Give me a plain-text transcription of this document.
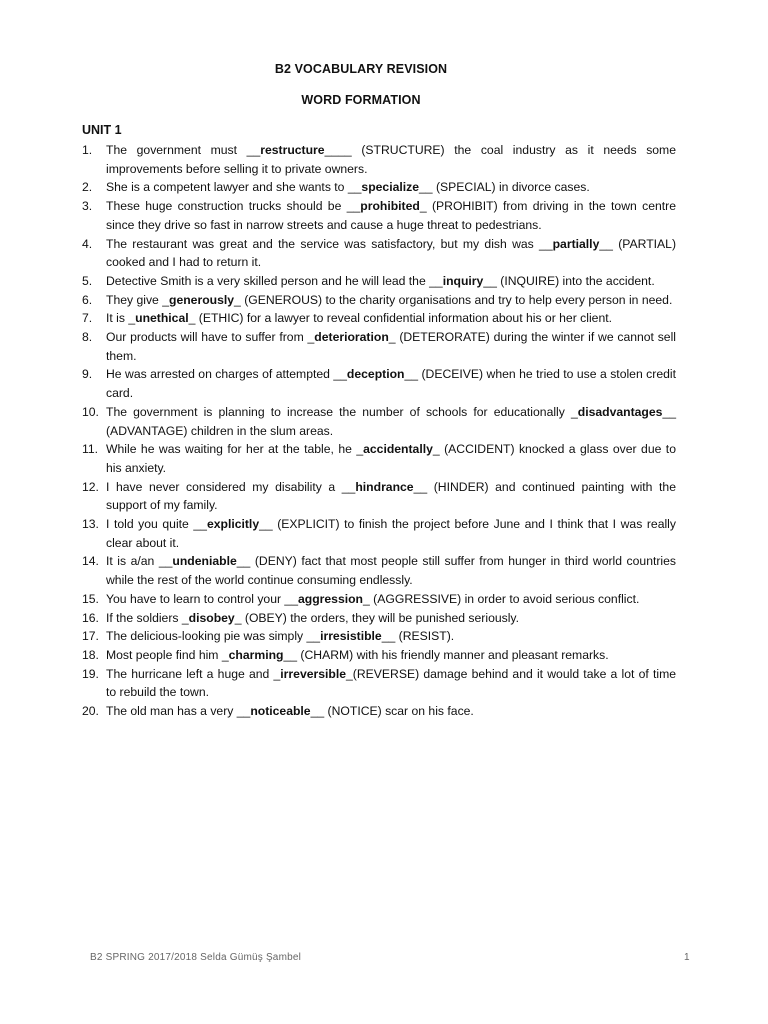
B2 VOCABULARY REVISION
WORD FORMATION
UNIT 1
1. The government must __restructure____ (STRUCTURE) the coal industry as it needs some improvements before selling it to private owners.
2. She is a competent lawyer and she wants to __specialize__ (SPECIAL) in divorce cases.
3. These huge construction trucks should be __prohibited_ (PROHIBIT) from driving in the town centre since they drive so fast in narrow streets and cause a huge threat to pedestrians.
4. The restaurant was great and the service was satisfactory, but my dish was __partially__ (PARTIAL) cooked and I had to return it.
5. Detective Smith is a very skilled person and he will lead the __inquiry__ (INQUIRE) into the accident.
6. They give _generously_ (GENEROUS) to the charity organisations and try to help every person in need.
7. It is _unethical_ (ETHIC) for a lawyer to reveal confidential information about his or her client.
8. Our products will have to suffer from _deterioration_ (DETERORATE) during the winter if we cannot sell them.
9. He was arrested on charges of attempted __deception__ (DECEIVE) when he tried to use a stolen credit card.
10. The government is planning to increase the number of schools for educationally _disadvantages__ (ADVANTAGE) children in the slum areas.
11. While he was waiting for her at the table, he _accidentally_ (ACCIDENT) knocked a glass over due to his anxiety.
12. I have never considered my disability a __hindrance__ (HINDER) and continued painting with the support of my family.
13. I told you quite __explicitly__ (EXPLICIT) to finish the project before June and I think that I was really clear about it.
14. It is a/an __undeniable__ (DENY) fact that most people still suffer from hunger in third world countries while the rest of the world continue consuming endlessly.
15. You have to learn to control your __aggression_ (AGGRESSIVE) in order to avoid serious conflict.
16. If the soldiers _disobey_ (OBEY) the orders, they will be punished seriously.
17. The delicious-looking pie was simply __irresistible__ (RESIST).
18. Most people find him _charming__ (CHARM) with his friendly manner and pleasant remarks.
19. The hurricane left a huge and _irreversible_(REVERSE) damage behind and it would take a lot of time to rebuild the town.
20. The old man has a very __noticeable__ (NOTICE) scar on his face.
B2 SPRING 2017/2018 Selda Gümüş Şambel	1
